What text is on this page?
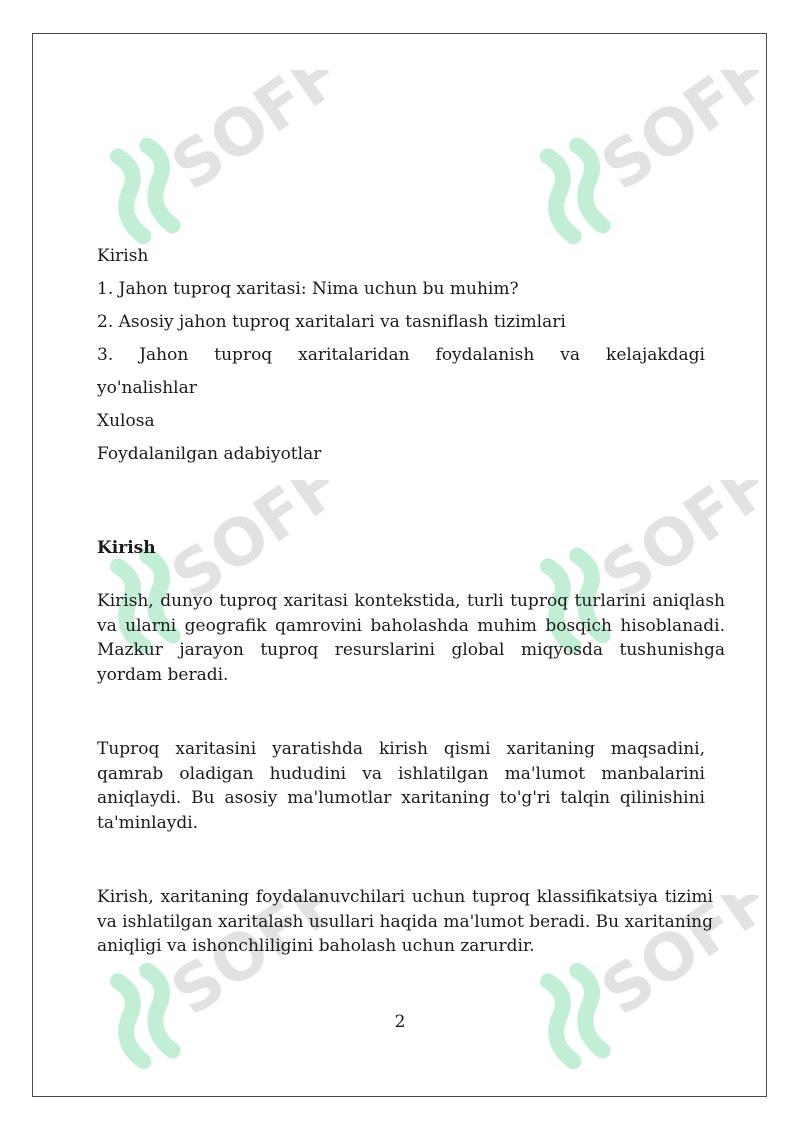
SOFF	SOFF
SOFF	SOFF
SOFF	SOFF

Kirish

1. Jahon tuproq xaritasi: Nima uchun bu muhim?

2. Asosiy jahon tuproq xaritalari va tasniflash tizimlari

3. Jahon tuproq xaritalaridan foydalanish va kelajakdagi

yo'nalishlar

Xulosa

Foydalanilgan adabiyotlar

Kirish

Kirish, dunyo tuproq xaritasi kontekstida, turli tuproq turlarini aniqlash va ularni geografik qamrovini baholashda muhim bosqich hisoblanadi. Mazkur jarayon tuproq resurslarini global miqyosda tushunishga yordam beradi.

Tuproq xaritasini yaratishda kirish qismi xaritaning maqsadini, qamrab oladigan hududini va ishlatilgan ma'lumot manbalarini aniqlaydi. Bu asosiy ma'lumotlar xaritaning to'g'ri talqin qilinishini ta'minlaydi.

Kirish, xaritaning foydalanuvchilari uchun tuproq klassifikatsiya tizimi va ishlatilgan xaritalash usullari haqida ma'lumot beradi. Bu xaritaning aniqligi va ishonchliligini baholash uchun zarurdir.

2
